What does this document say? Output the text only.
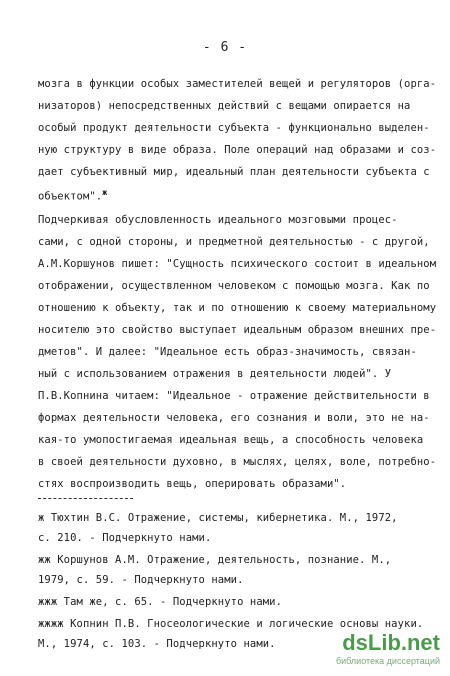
- 6 -
мозга в функции особых заместителей вещей и регуляторов (орга-
низаторов) непосредственных действий с вещами опирается на
особый продукт деятельности субъекта - функционально выделен-
ную структуру в виде образа. Поле операций над образами и соз-
дает субъективный мир, идеальный план деятельности субъекта с
объектом".$^ж$
Подчеркивая обусловленность идеального мозговыми процес-
сами, с одной стороны, и предметной деятельностью - с другой,
А.М.Коршунов пишет: "Сущность психического состоит в идеальном
отображении, осуществленном человеком с помощью мозга. Как по
отношению к объекту, так и по отношению к своему материальному
носителю это свойство выступает идеальным образом внешних пре-
дметов". И далее: "Идеальное есть образ-значимость, связан-
ный с использованием отражения в деятельности людей". У
П.В.Копнина читаем: "Идеальное - отражение действительности в
формах деятельности человека, его сознания и воли, это не на-
кая-то умопостигаемая идеальная вещь, а способность человека
в своей деятельности духовно, в мыслях, целях, воле, потребно-
стях воспроизводить вещь, оперировать образами".
ж Тюхтин В.С. Отражение, системы, кибернетика. М., 1972,
с. 210. - Подчеркнуто нами.
жж Коршунов А.М. Отражение, деятельность, познание. М.,
1979, с. 59. - Подчеркнуто нами.
жжж Там же, с. 65. - Подчеркнуто нами.
жжжж Копнин П.В. Гносеологические и логические основы науки.
М., 1974, с. 103. - Подчеркнуто нами.	dsLib.net
библиотека диссертаций
